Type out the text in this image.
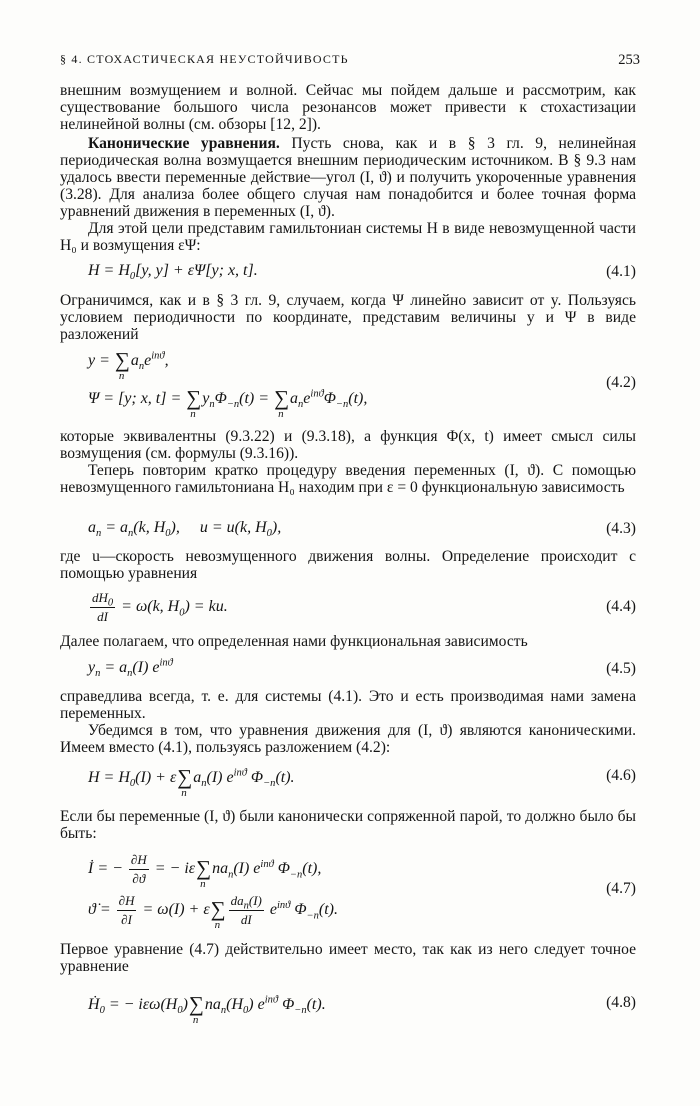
§ 4. СТОХАСТИЧЕСКАЯ НЕУСТОЙЧИВОСТЬ	253
внешним возмущением и волной. Сейчас мы пойдем дальше и рассмотрим, как существование большого числа резонансов может привести к стохастизации нелинейной волны (см. обзоры [12, 2]).
Канонические уравнения. Пусть снова, как и в § 3 гл. 9, нелинейная периодическая волна возмущается внешним периодическим источником. В § 9.3 нам удалось ввести переменные действие—угол (I, ϑ) и получить укороченные уравнения (3.28). Для анализа более общего случая нам понадобится и более точная форма уравнений движения в переменных (I, ϑ).
Для этой цели представим гамильтониан системы H в виде невозмущенной части H₀ и возмущения εΨ:
$H = H_0[y$, y] + εΨ[y; x, t].	(4.1)
Ограничимся, как и в § 3 гл. 9, случаем, когда Ψ линейно зависит от y. Пользуясь условием периодичности по координате, представим величины y и Ψ в виде разложений
y = ∑
n
$a_ne^{inϑ}$,
Ψ = [y; x, t] = ∑
n
$y_n\Phi_{-n}(t)$ = ∑
n
$a_ne^{inϑ}\Phi_{-n}(t)$,
(4.2)
которые эквивалентны (9.3.22) и (9.3.18), а функция Φ(x, t) имеет смысл силы возмущения (см. формулы (9.3.16)).
Теперь повторим кратко процедуру введения переменных (I, ϑ). С помощью невозмущенного гамильтониана H₀ находим при ε = 0 функциональную зависимость
$a_n = a_n(k$, $H_0$),     u = u(k, $H_0$),	(4.3)
где u—скорость невозмущенного движения волны. Определение происходит с помощью уравнения
$\frac{dH_0}{dI} = \omega(k$, $H_0$) = ku.	(4.4)
Далее полагаем, что определенная нами функциональная зависимость
$y_n = a_n(I)$ $e^{inϑ}$	(4.5)
справедлива всегда, т. е. для системы (4.1). Это и есть производимая нами замена переменных.
Убедимся в том, что уравнения движения для (I, ϑ) являются каноническими. Имеем вместо (4.1), пользуясь разложением (4.2):
$H = H_0(I) + \varepsilon\sum$
n
$a_n(I)$ $e^{inϑ}$ $\Phi_{-n}(t)$.	(4.6)
Если бы переменные (I, ϑ) были канонически сопряженной парой, то должно было бы быть:
İ = − $\frac{\partial H}{\partial ϑ}$ = − iε∑
n
$na_n(I)$ $e^{inϑ}$ $\Phi_{-n}(t)$,
ϑ̇ = $\frac{\partial H}{\partial I} = \omega(I) + \varepsilon\sum$
n $\frac{da_n(I)}{dI} e^{inϑ}$ $\Phi_{-n}(t)$.
(4.7)
Первое уравнение (4.7) действительно имеет место, так как из него следует точное уравнение
Ḣ$_0$ = − $i\varepsilon\omega(H_0)\sum$
n
$na_n(H_0)$ $e^{inϑ}$ $\Phi_{-n}(t)$.	(4.8)
